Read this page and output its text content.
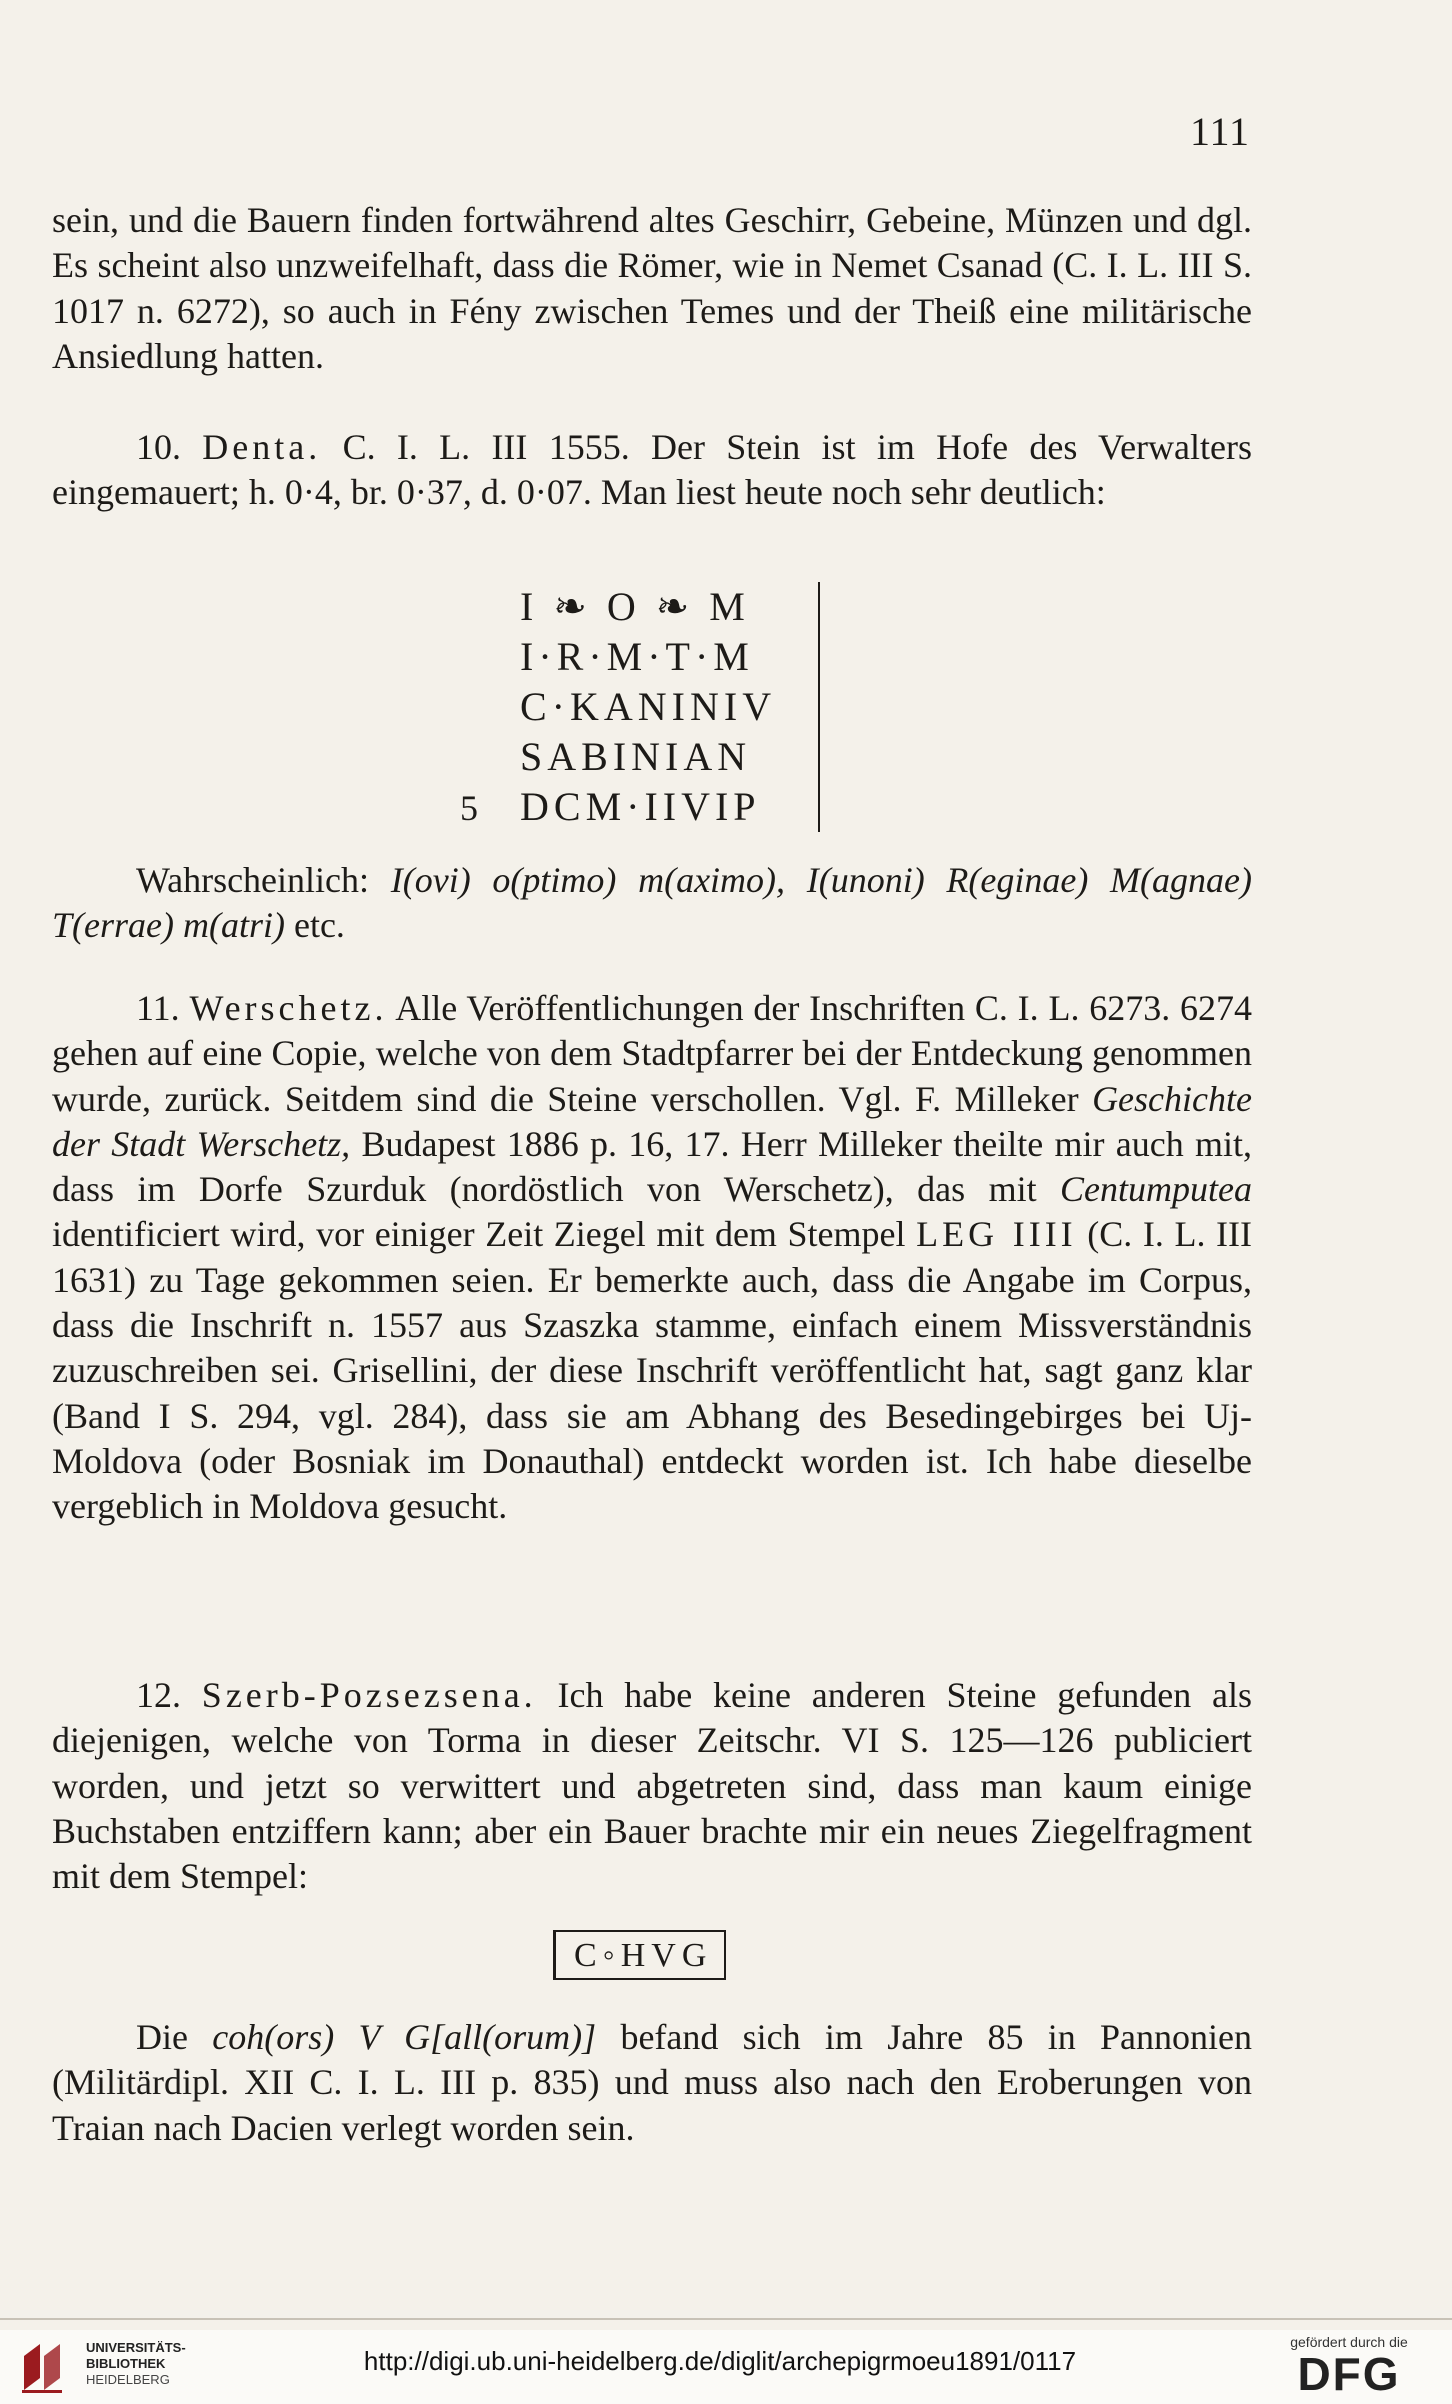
111

sein, und die Bauern finden fortwährend altes Geschirr, Gebeine, Münzen und dgl. Es scheint also unzweifelhaft, dass die Römer, wie in Nemet Csanad (C. I. L. III S. 1017 n. 6272), so auch in Fény zwischen Temes und der Theiß eine militärische Ansiedlung hatten.

10. Denta. C. I. L. III 1555. Der Stein ist im Hofe des Verwalters eingemauert; h. 0·4, br. 0·37, d. 0·07. Man liest heute noch sehr deutlich:

I ❧ O ❧ M
I·R·M·T·M
C·KANINIV
SABINIAN
5	DCM·IIVIP

Wahrscheinlich: I(ovi) o(ptimo) m(aximo), I(unoni) R(eginae) M(agnae) T(errae) m(atri) etc.

11. Werschetz. Alle Veröffentlichungen der Inschriften C. I. L. 6273. 6274 gehen auf eine Copie, welche von dem Stadtpfarrer bei der Entdeckung genommen wurde, zurück. Seitdem sind die Steine verschollen. Vgl. F. Milleker Geschichte der Stadt Werschetz, Budapest 1886 p. 16, 17. Herr Milleker theilte mir auch mit, dass im Dorfe Szurduk (nordöstlich von Werschetz), das mit Centumputea identificiert wird, vor einiger Zeit Ziegel mit dem Stempel LEG IIII (C. I. L. III 1631) zu Tage gekommen seien. Er bemerkte auch, dass die Angabe im Corpus, dass die Inschrift n. 1557 aus Szaszka stamme, einfach einem Missverständnis zuzuschreiben sei. Grisellini, der diese Inschrift veröffentlicht hat, sagt ganz klar (Band I S. 294, vgl. 284), dass sie am Abhang des Besedingebirges bei Uj-Moldova (oder Bosniak im Donauthal) entdeckt worden ist. Ich habe dieselbe vergeblich in Moldova gesucht.

12. Szerb-Pozsezsena. Ich habe keine anderen Steine gefunden als diejenigen, welche von Torma in dieser Zeitschr. VI S. 125—126 publiciert worden, und jetzt so verwittert und abgetreten sind, dass man kaum einige Buchstaben entziffern kann; aber ein Bauer brachte mir ein neues Ziegelfragment mit dem Stempel:

C◦HVG

Die coh(ors) V G[all(orum)] befand sich im Jahre 85 in Pannonien (Militärdipl. XII C. I. L. III p. 835) und muss also nach den Eroberungen von Traian nach Dacien verlegt worden sein.

UNIVERSITÄTS-
BIBLIOTHEK
HEIDELBERG
http://digi.ub.uni-heidelberg.de/diglit/archepigrmoeu1891/0117
gefördert durch die
DFG
